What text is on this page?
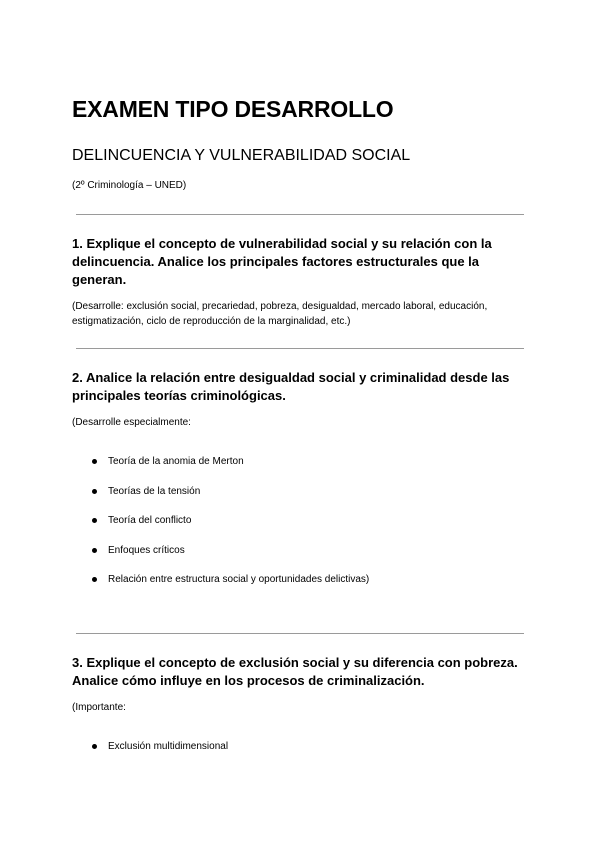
EXAMEN TIPO DESARROLLO
DELINCUENCIA Y VULNERABILIDAD SOCIAL
(2º Criminología – UNED)
1. Explique el concepto de vulnerabilidad social y su relación con la delincuencia. Analice los principales factores estructurales que la generan.
(Desarrolle: exclusión social, precariedad, pobreza, desigualdad, mercado laboral, educación, estigmatización, ciclo de reproducción de la marginalidad, etc.)
2. Analice la relación entre desigualdad social y criminalidad desde las principales teorías criminológicas.
(Desarrolle especialmente:
Teoría de la anomia de Merton
Teorías de la tensión
Teoría del conflicto
Enfoques críticos
Relación entre estructura social y oportunidades delictivas)
3. Explique el concepto de exclusión social y su diferencia con pobreza. Analice cómo influye en los procesos de criminalización.
(Importante:
Exclusión multidimensional
